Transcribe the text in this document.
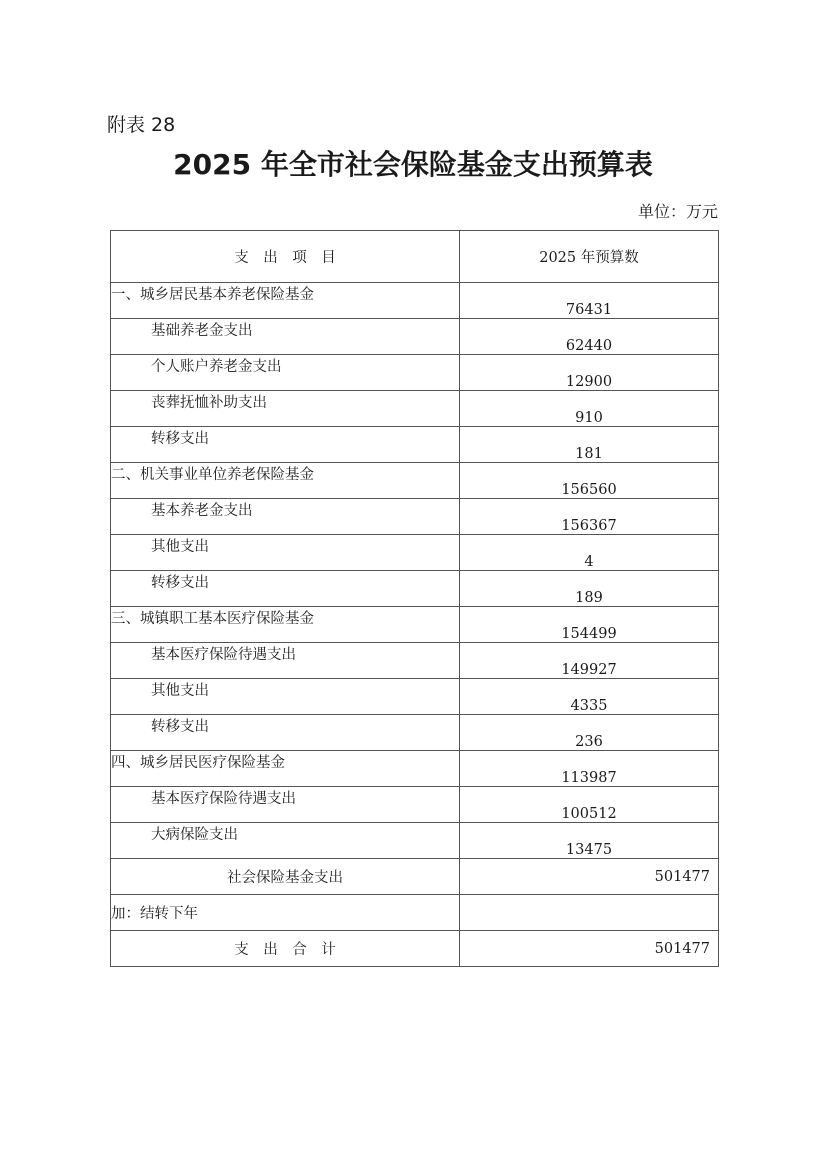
附表 28
2025 年全市社会保险基金支出预算表
单位：万元
支　出　项　目	2025 年预算数
一、城乡居民基本养老保险基金	76431
基础养老金支出	62440
个人账户养老金支出	12900
丧葬抚恤补助支出	910
转移支出	181
二、机关事业单位养老保险基金	156560
基本养老金支出	156367
其他支出	4
转移支出	189
三、城镇职工基本医疗保险基金	154499
基本医疗保险待遇支出	149927
其他支出	4335
转移支出	236
四、城乡居民医疗保险基金	113987
基本医疗保险待遇支出	100512
大病保险支出	13475
社会保险基金支出	501477
加：结转下年	
支　出　合　计	501477
